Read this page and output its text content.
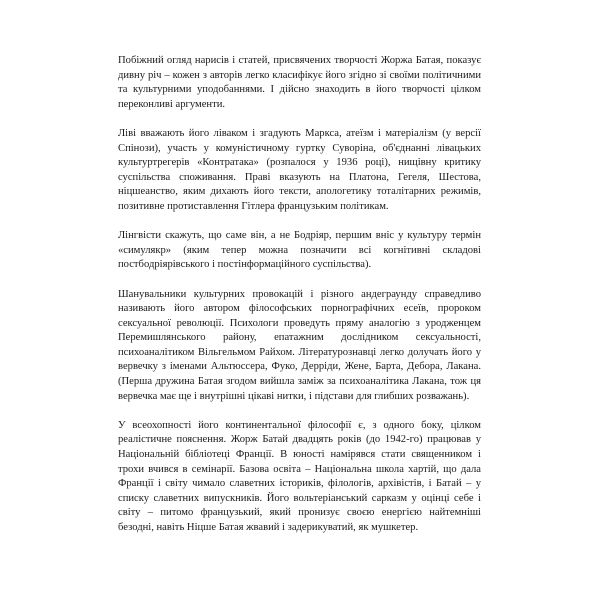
Побіжний огляд нарисів і статей, присвячених творчості Жоржа Батая, показує дивну річ – кожен з авторів легко класифікує його згідно зі своїми політичними та культурними уподобаннями. І дійсно знаходить в його творчості цілком переконливі аргументи.

Ліві вважають його ліваком і згадують Маркса, атеїзм і матеріалізм (у версії Спінози), участь у комуністичному гуртку Суворіна, об'єднанні лівацьких культуртрегерів «Контратака» (розпалося у 1936 році), нищівну критику суспільства споживання. Праві вказують на Платона, Гегеля, Шестова, ніцшеанство, яким дихають його тексти, апологетику тоталітарних режимів, позитивне протиставлення Гітлера французьким політикам.

Лінгвісти скажуть, що саме він, а не Бодріяр, першим вніс у культуру термін «симулякр» (яким тепер можна позначити всі когнітивні складові постбодріярівського і постінформаційного суспільства).

Шанувальники культурних провокацій і різного андеграунду справедливо називають його автором філософських порнографічних есеїв, пророком сексуальної революції. Психологи проведуть пряму аналогію з уродженцем Перемишлянського району, епатажним дослідником сексуальності, психоаналітиком Вільгельмом Райхом. Літературознавці легко долучать його у вервечку з іменами Альтюссера, Фуко, Дерріди, Жене, Барта, Дебора, Лакана. (Перша дружина Батая згодом вийшла заміж за психоаналітика Лакана, тож ця вервечка має ще і внутрішні цікаві нитки, і підстави для глибших розважань).

У всеохопності його континентальної філософії є, з одного боку, цілком реалістичне пояснення. Жорж Батай двадцять років (до 1942-го) працював у Національній бібліотеці Франції. В юності намірявся стати священником і трохи вчився в семінарії. Базова освіта – Національна школа хартій, що дала Франції і світу чимало славетних істориків, філологів, архівістів, і Батай – у списку славетних випускників. Його вольтеріанський сарказм у оцінці себе і світу – питомо французький, який пронизує своєю енергією найтемніші безодні, навіть Ніцше Батая жвавий і задерикуватий, як мушкетер.
